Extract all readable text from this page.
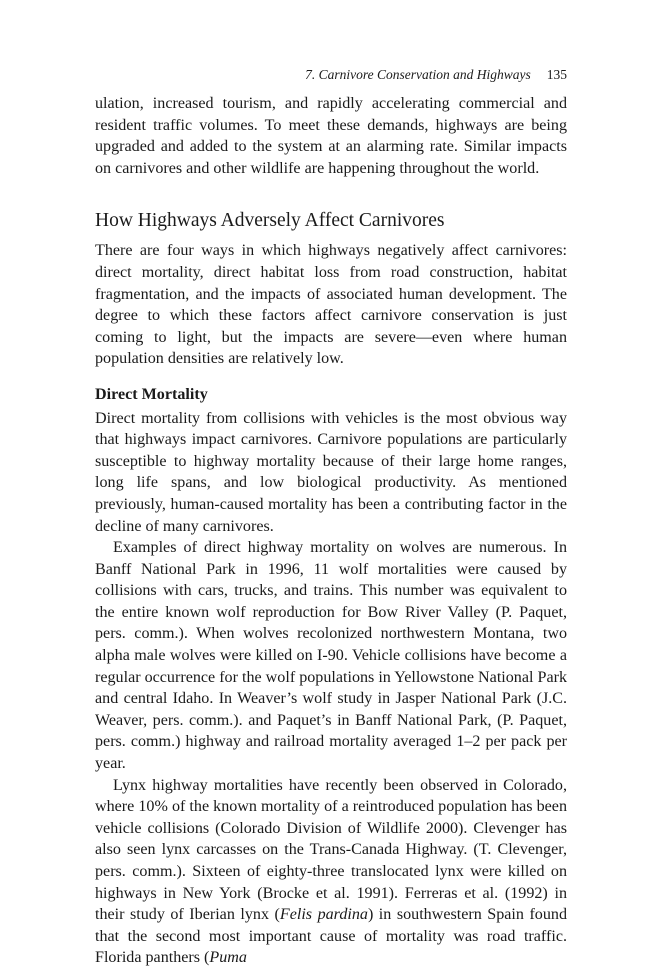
7. Carnivore Conservation and Highways 135

ulation, increased tourism, and rapidly accelerating commercial and resident traffic volumes. To meet these demands, highways are being upgraded and added to the system at an alarming rate. Similar impacts on carnivores and other wildlife are happening throughout the world.

How Highways Adversely Affect Carnivores

There are four ways in which highways negatively affect carnivores: direct mortality, direct habitat loss from road construction, habitat fragmentation, and the impacts of associated human development. The degree to which these factors affect carnivore conservation is just coming to light, but the impacts are severe—even where human population densities are relatively low.

Direct Mortality

Direct mortality from collisions with vehicles is the most obvious way that highways impact carnivores. Carnivore populations are particularly susceptible to highway mortality because of their large home ranges, long life spans, and low biological productivity. As mentioned previously, human-caused mortality has been a contributing factor in the decline of many carnivores.

Examples of direct highway mortality on wolves are numerous. In Banff National Park in 1996, 11 wolf mortalities were caused by collisions with cars, trucks, and trains. This number was equivalent to the entire known wolf reproduction for Bow River Valley (P. Paquet, pers. comm.). When wolves recolonized northwestern Montana, two alpha male wolves were killed on I-90. Vehicle collisions have become a regular occurrence for the wolf populations in Yellowstone National Park and central Idaho. In Weaver’s wolf study in Jasper National Park (J.C. Weaver, pers. comm.). and Paquet’s in Banff National Park, (P. Paquet, pers. comm.) highway and railroad mortality averaged 1–2 per pack per year.

Lynx highway mortalities have recently been observed in Colorado, where 10% of the known mortality of a reintroduced population has been vehicle collisions (Colorado Division of Wildlife 2000). Clevenger has also seen lynx carcasses on the Trans-Canada Highway. (T. Clevenger, pers. comm.). Sixteen of eighty-three translocated lynx were killed on highways in New York (Brocke et al. 1991). Ferreras et al. (1992) in their study of Iberian lynx (Felis pardina) in southwestern Spain found that the second most important cause of mortality was road traffic. Florida panthers (Puma
